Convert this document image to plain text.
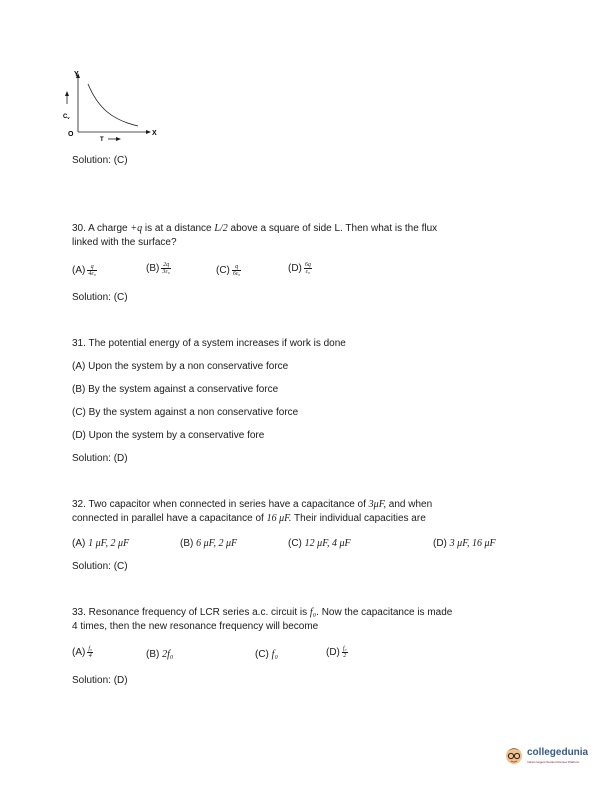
Y
X
O
Cv
T
Solution: (C)
30. A charge +q is at a distance L/2 above a square of side L. Then what is the flux
linked with the surface?
$(A) \frac{q}{\text{4ε₀}}$	$(B) \frac{2q}{\text{3ε₀}}$	$(C) \frac{q}{\text{6ε₀}}$	$(D) \frac{6q}{\text{ε₀}}$
Solution: (C)
31. The potential energy of a system increases if work is done
(A) Upon the system by a non conservative force
(B) By the system against a conservative force
(C) By the system against a non conservative force
(D) Upon the system by a conservative fore
Solution: (D)
32. Two capacitor when connected in series have a capacitance of 3μF, and when
connected in parallel have a capacitance of 16 μF. Their individual capacities are
(A) 1 μF, 2 μF	(B) 6 μF, 2 μF	(C) 12 μF, 4 μF	(D) 3 μF, 16 μF
Solution: (C)
33. Resonance frequency of LCR series a.c. circuit is f₀. Now the capacitance is made
4 times, then the new resonance frequency will become
$(A) \frac{\text{f₀}}{4}$	(B) 2f₀	(C) f₀	$(D) \frac{\text{f₀}}{2}$
Solution: (D)
collegedunia
India's largest Student Review Platform
